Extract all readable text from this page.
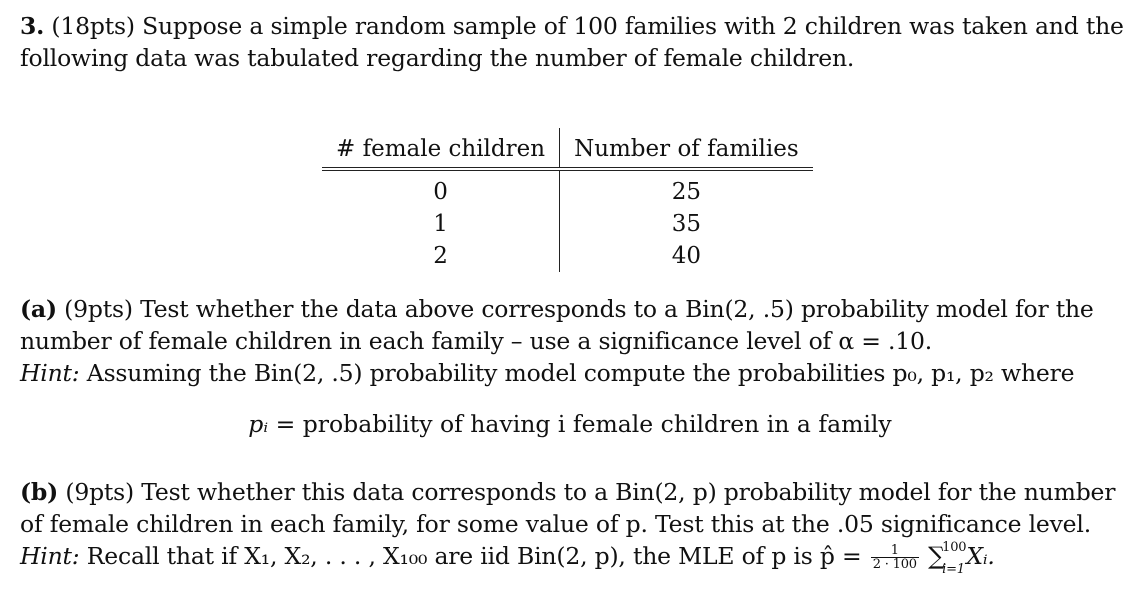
3. (18pts) Suppose a simple random sample of 100 families with 2 children was taken and the
following data was tabulated regarding the number of female children.
# female children	Number of families
0	25
1	35
2	40
(a) (9pts) Test whether the data above corresponds to a Bin(2, .5) probability model for the
number of female children in each family – use a significance level of α = .10.
Hint: Assuming the Bin(2, .5) probability model compute the probabilities p₀, p₁, p₂ where
pᵢ = probability of having i female children in a family
(b) (9pts) Test whether this data corresponds to a Bin(2, p) probability model for the number
of female children in each family, for some value of p. Test this at the .05 significance level.
Hint: Recall that if X₁, X₂, . . . , X₁₀₀ are iid Bin(2, p), the MLE of p is p̂ = $\frac{1}{2 \cdot 100}$ ∑
100
i=1 Xᵢ.
